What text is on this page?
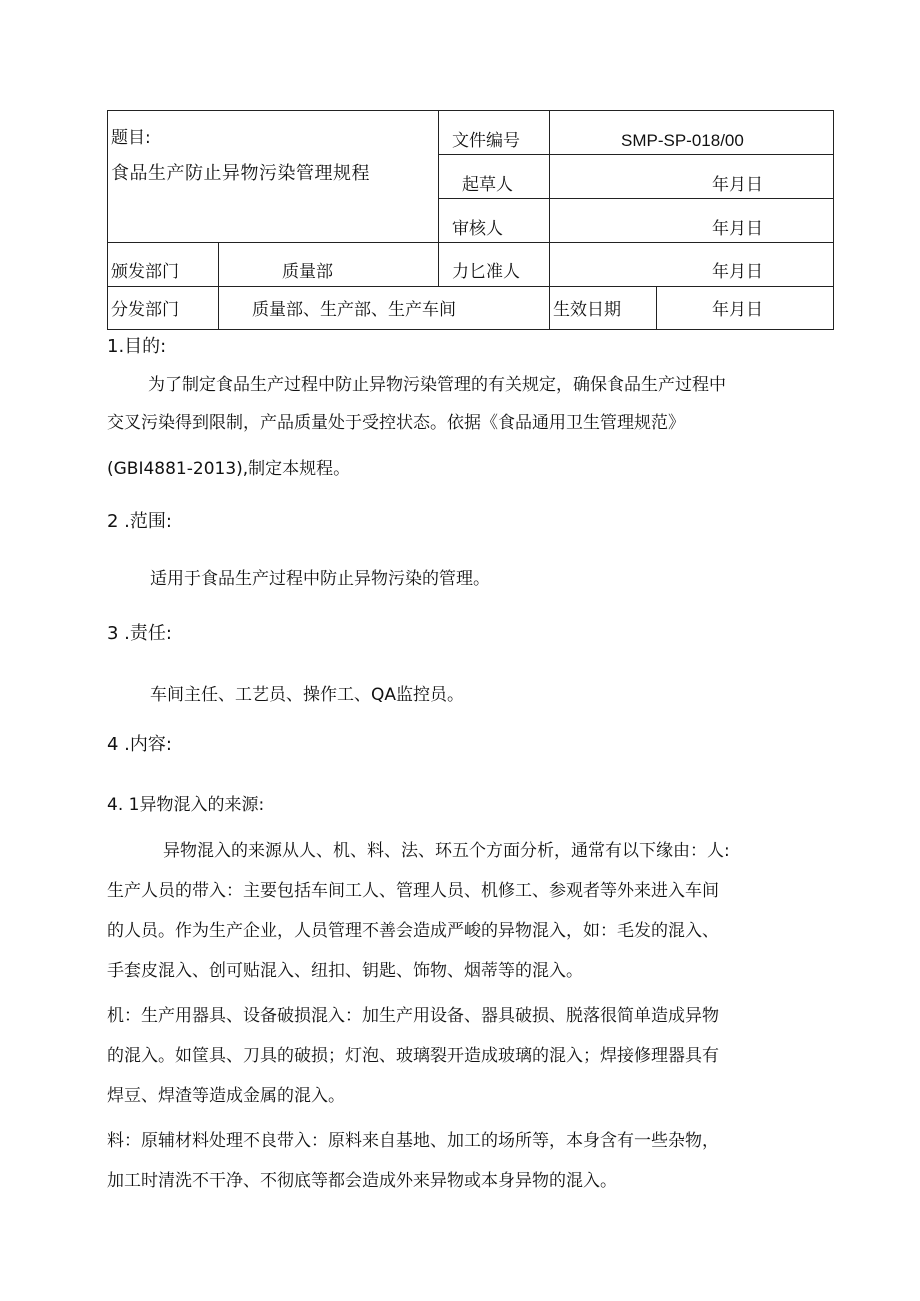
题目:
食品生产防止异物污染管理规程
文件编号	SMP-SP-018/00
起草人	年月日
审核人	年月日
颁发部门	质量部	力匕准人	年月日
分发部门	质量部、生产部、生产车间	生效日期	年月日
1.目的:
为了制定食品生产过程中防止异物污染管理的有关规定，确保食品生产过程中
交叉污染得到限制，产品质量处于受控状态。依据《食品通用卫生管理规范》
(GBI4881-2013),制定本规程。
2 .范围:
适用于食品生产过程中防止异物污染的管理。
3 .责任:
车间主任、工艺员、操作工、QA监控员。
4 .内容:
4. 1异物混入的来源:
异物混入的来源从人、机、料、法、环五个方面分析，通常有以下缘由：人:
生产人员的带入：主要包括车间工人、管理人员、机修工、参观者等外来进入车间
的人员。作为生产企业，人员管理不善会造成严峻的异物混入，如：毛发的混入、
手套皮混入、创可贴混入、纽扣、钥匙、饰物、烟蒂等的混入。
机：生产用器具、设备破损混入：加生产用设备、器具破损、脱落很简单造成异物
的混入。如筐具、刀具的破损；灯泡、玻璃裂开造成玻璃的混入；焊接修理器具有
焊豆、焊渣等造成金属的混入。
料：原辅材料处理不良带入：原料来自基地、加工的场所等，本身含有一些杂物，
加工时清洗不干净、不彻底等都会造成外来异物或本身异物的混入。
